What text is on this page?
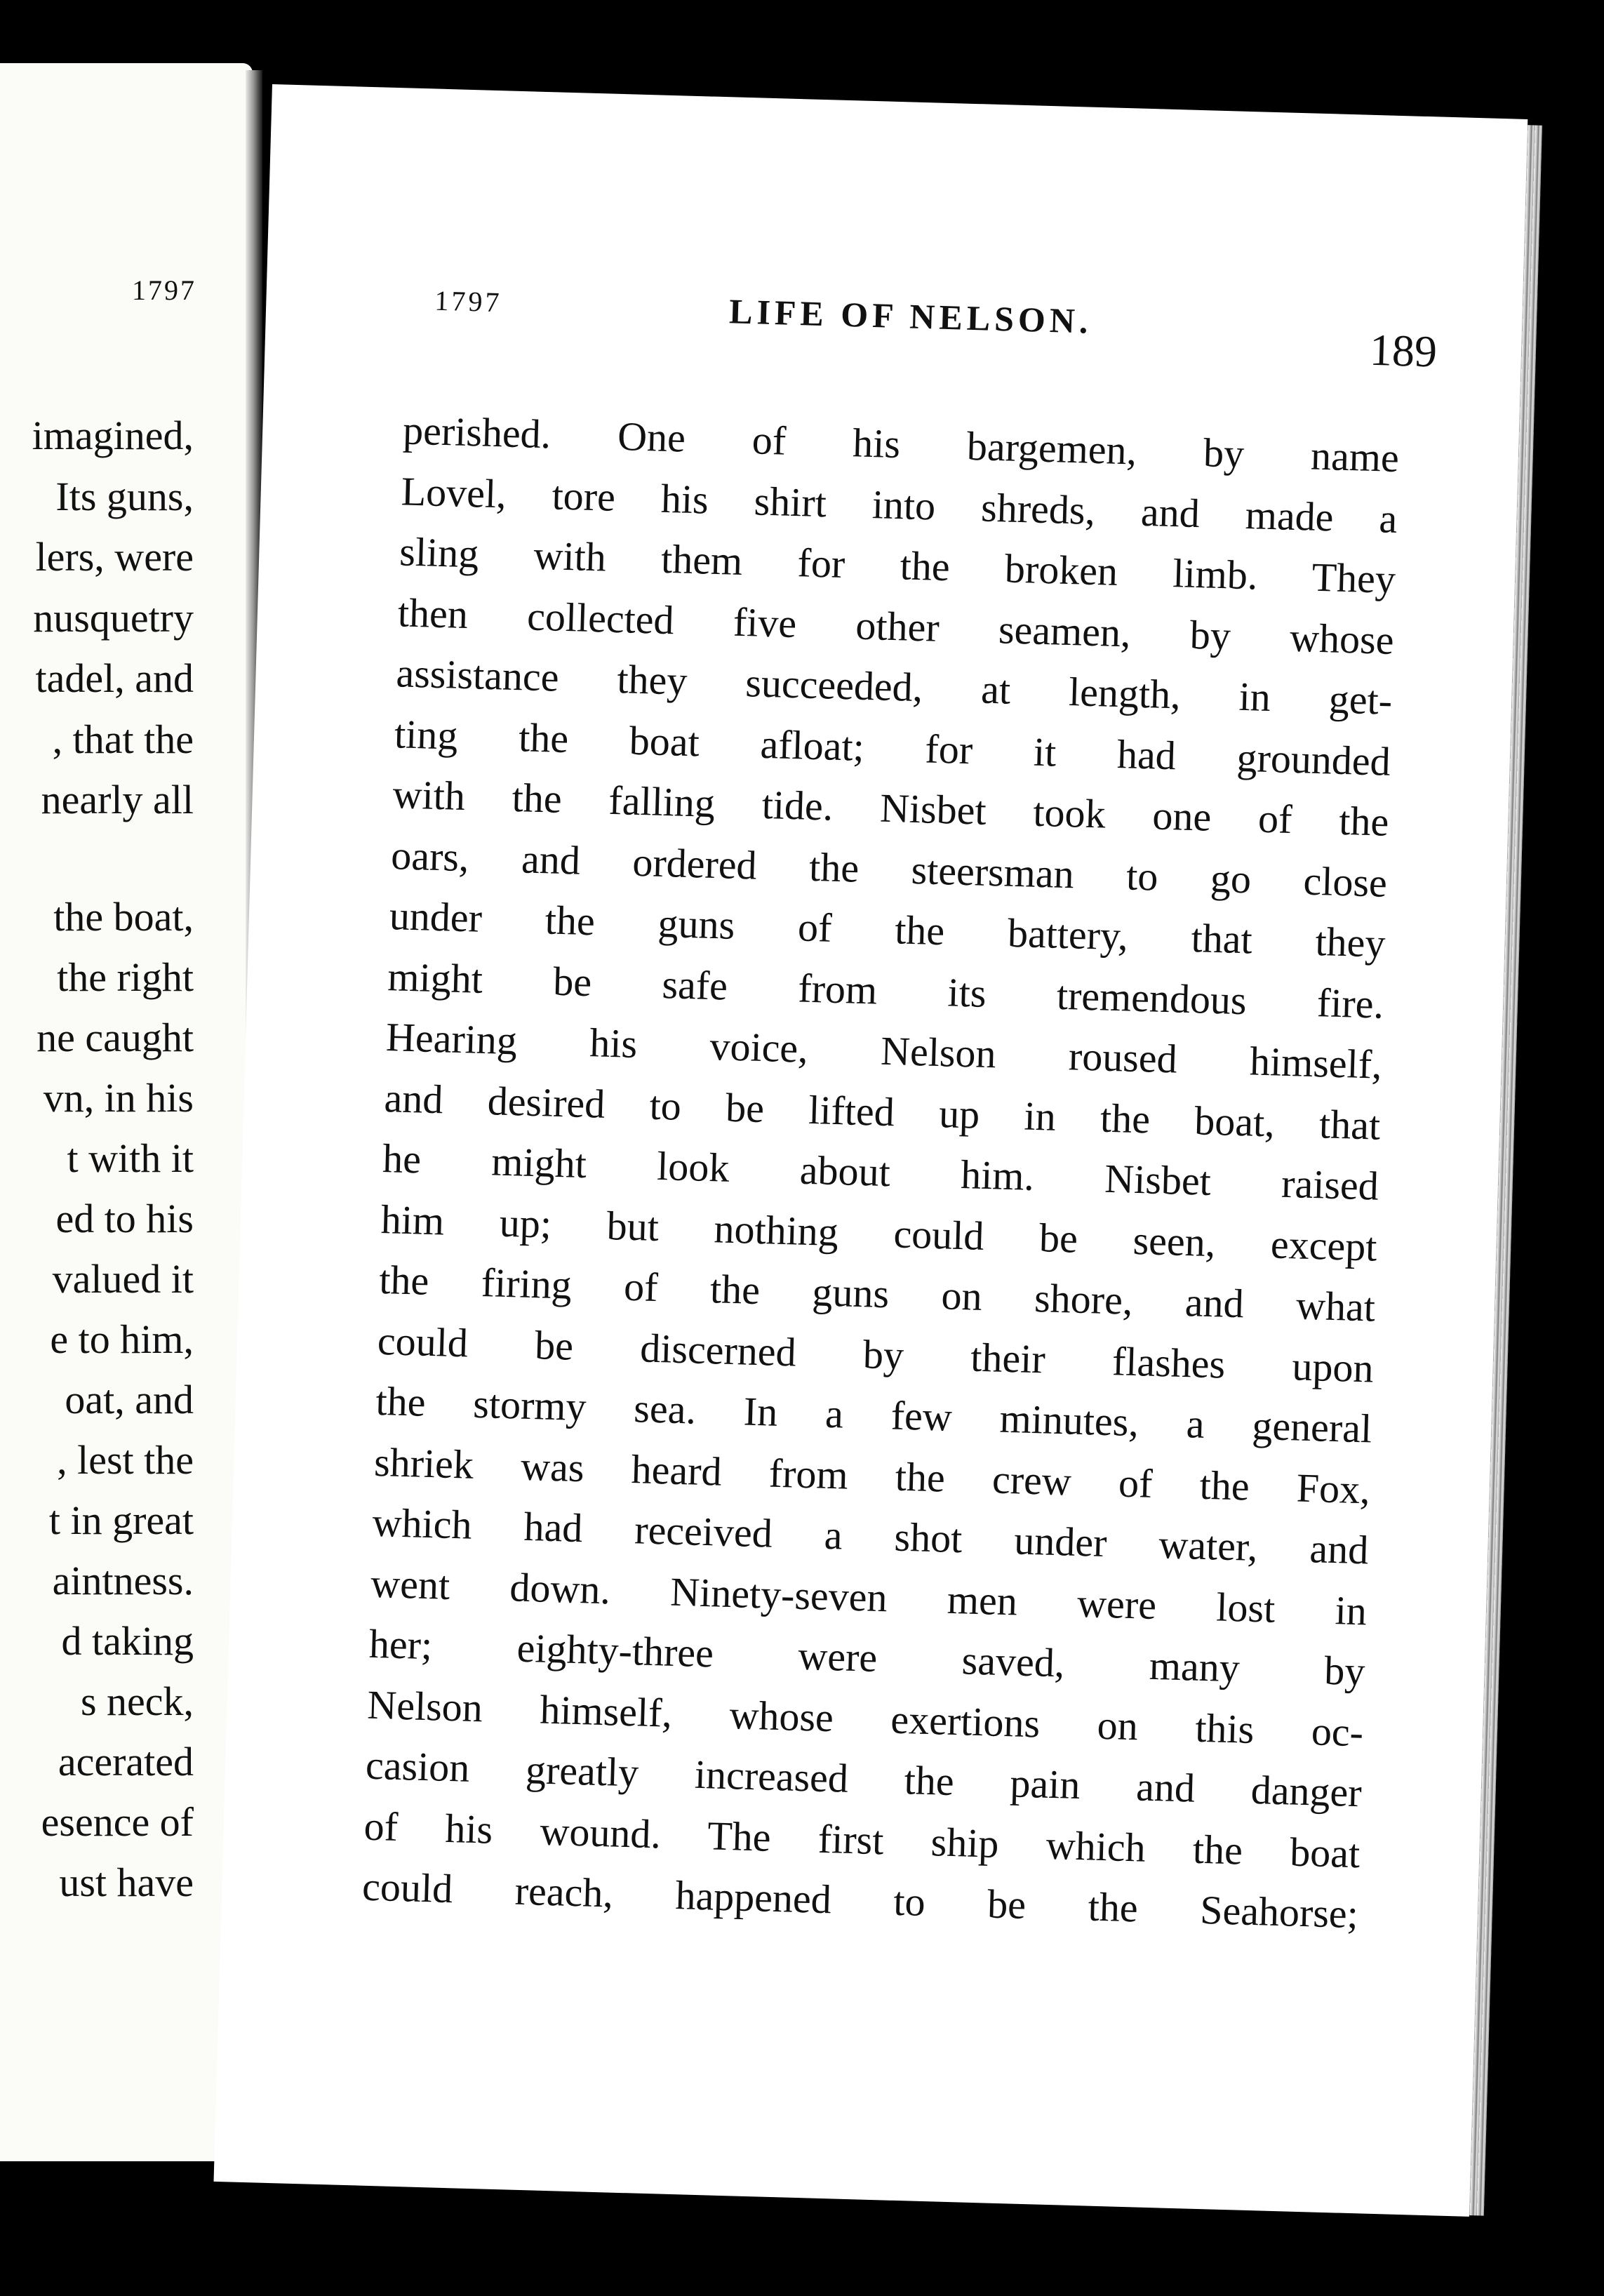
1797

imagined,
Its guns,
lers, were
nusquetry
tadel, and
, that the
nearly all
the boat,
the right
ne caught
vn, in his
t with it
ed to his
valued it
e to him,
oat, and
, lest the
t in great
aintness.
d taking
s neck,
acerated
esence of
ust have

1797	LIFE OF NELSON.

189

perished. One of his bargemen, by name
Lovel, tore his shirt into shreds, and made a
sling with them for the broken limb. They
then collected five other seamen, by whose
assistance they succeeded, at length, in get-
ting the boat afloat; for it had grounded
with the falling tide. Nisbet took one of the
oars, and ordered the steersman to go close
under the guns of the battery, that they
might be safe from its tremendous fire.
Hearing his voice, Nelson roused himself,
and desired to be lifted up in the boat, that
he might look about him. Nisbet raised
him up; but nothing could be seen, except
the firing of the guns on shore, and what
could be discerned by their flashes upon
the stormy sea. In a few minutes, a general
shriek was heard from the crew of the Fox,
which had received a shot under water, and
went down. Ninety-seven men were lost in
her; eighty-three were saved, many by
Nelson himself, whose exertions on this oc-
casion greatly increased the pain and danger
of his wound. The first ship which the boat
could reach, happened to be the Seahorse;
